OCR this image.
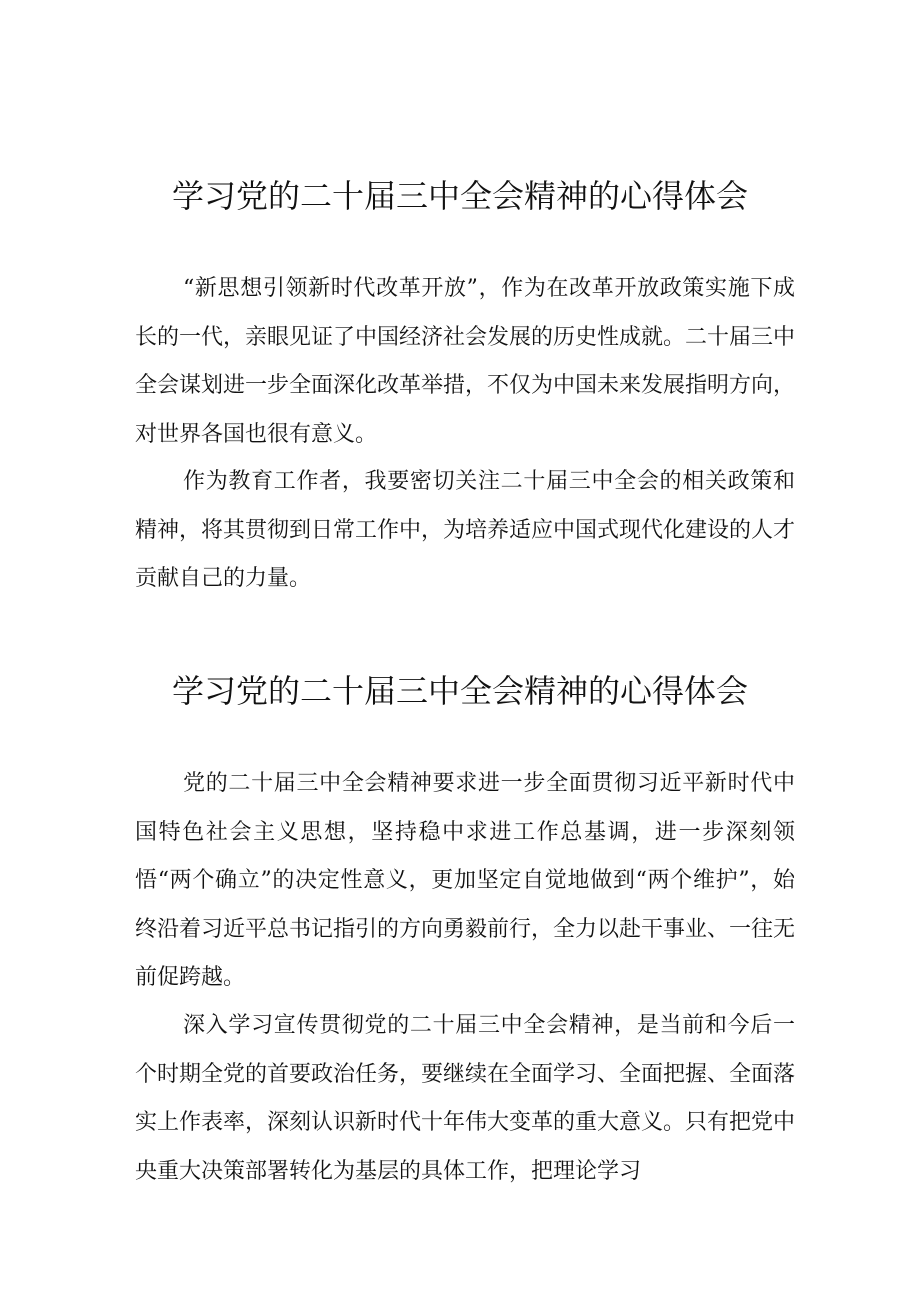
学习党的二十届三中全会精神的心得体会

“新思想引领新时代改革开放”，作为在改革开放政策实施下成长的一代，亲眼见证了中国经济社会发展的历史性成就。二十届三中全会谋划进一步全面深化改革举措，不仅为中国未来发展指明方向，对世界各国也很有意义。

作为教育工作者，我要密切关注二十届三中全会的相关政策和精神，将其贯彻到日常工作中，为培养适应中国式现代化建设的人才贡献自己的力量。

学习党的二十届三中全会精神的心得体会

党的二十届三中全会精神要求进一步全面贯彻习近平新时代中国特色社会主义思想，坚持稳中求进工作总基调，进一步深刻领悟“两个确立”的决定性意义，更加坚定自觉地做到“两个维护”，始终沿着习近平总书记指引的方向勇毅前行，全力以赴干事业、一往无前促跨越。

深入学习宣传贯彻党的二十届三中全会精神，是当前和今后一个时期全党的首要政治任务，要继续在全面学习、全面把握、全面落实上作表率，深刻认识新时代十年伟大变革的重大意义。只有把党中央重大决策部署转化为基层的具体工作，把理论学习
